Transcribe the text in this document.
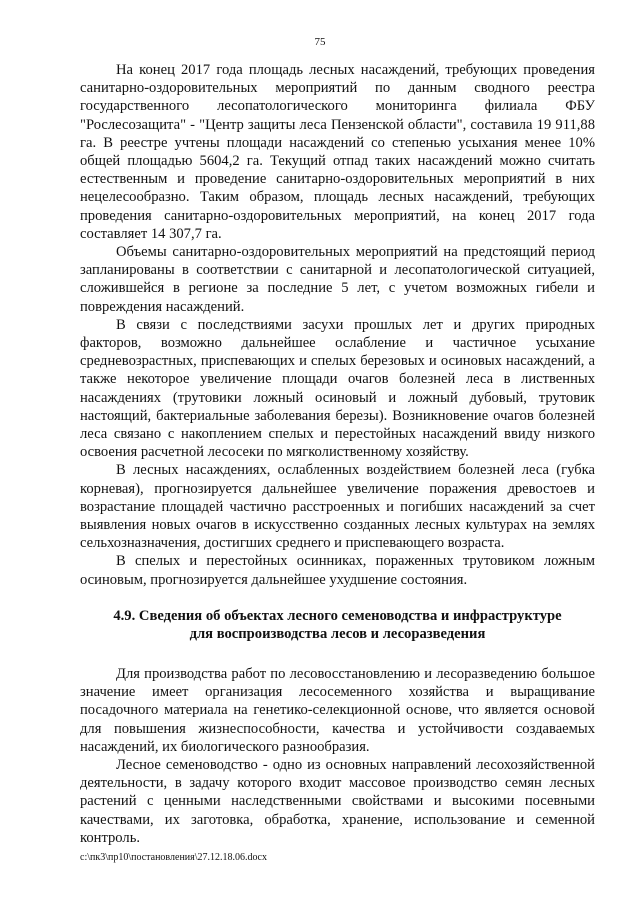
75

На конец 2017 года площадь лесных насаждений, требующих проведения санитарно-оздоровительных мероприятий по данным сводного реестра государственного лесопатологического мониторинга филиала ФБУ "Рослесозащита" - "Центр защиты леса Пензенской области", составила 19 911,88 га. В реестре учтены площади насаждений со степенью усыхания менее 10% общей площадью 5604,2 га. Текущий отпад таких насаждений можно считать естественным и проведение санитарно-оздоровительных мероприятий в них нецелесообразно. Таким образом, площадь лесных насаждений, требующих проведения санитарно-оздоровительных мероприятий, на конец 2017 года составляет 14 307,7 га.

Объемы санитарно-оздоровительных мероприятий на предстоящий период запланированы в соответствии с санитарной и лесопатологической ситуацией, сложившейся в регионе за последние 5 лет, с учетом возможных гибели и повреждения насаждений.

В связи с последствиями засухи прошлых лет и других природных факторов, возможно дальнейшее ослабление и частичное усыхание средневозрастных, приспевающих и спелых березовых и осиновых насаждений, а также некоторое увеличение площади очагов болезней леса в лиственных насаждениях (трутовики ложный осиновый и ложный дубовый, трутовик настоящий, бактериальные заболевания березы). Возникновение очагов болезней леса связано с накоплением спелых и перестойных насаждений ввиду низкого освоения расчетной лесосеки по мягколиственному хозяйству.

В лесных насаждениях, ослабленных воздействием болезней леса (губка корневая), прогнозируется дальнейшее увеличение поражения древостоев и возрастание площадей частично расстроенных и погибших насаждений за счет выявления новых очагов в искусственно созданных лесных культурах на землях сельхозназначения, достигших среднего и приспевающего возраста.

В спелых и перестойных осинниках, пораженных трутовиком ложным осиновым, прогнозируется дальнейшее ухудшение состояния.

4.9. Сведения об объектах лесного семеноводства и инфраструктуре
для воспроизводства лесов и лесоразведения

Для производства работ по лесовосстановлению и лесоразведению большое значение имеет организация лесосеменного хозяйства и выращивание посадочного материала на генетико-селекционной основе, что является основой для повышения жизнеспособности, качества и устойчивости создаваемых насаждений, их биологического разнообразия.

Лесное семеноводство - одно из основных направлений лесохозяйственной деятельности, в задачу которого входит массовое производство семян лесных растений с ценными наследственными свойствами и высокими посевными качествами, их заготовка, обработка, хранение, использование и семенной контроль.

c:\пк3\пр10\постановления\27.12.18.06.docx
